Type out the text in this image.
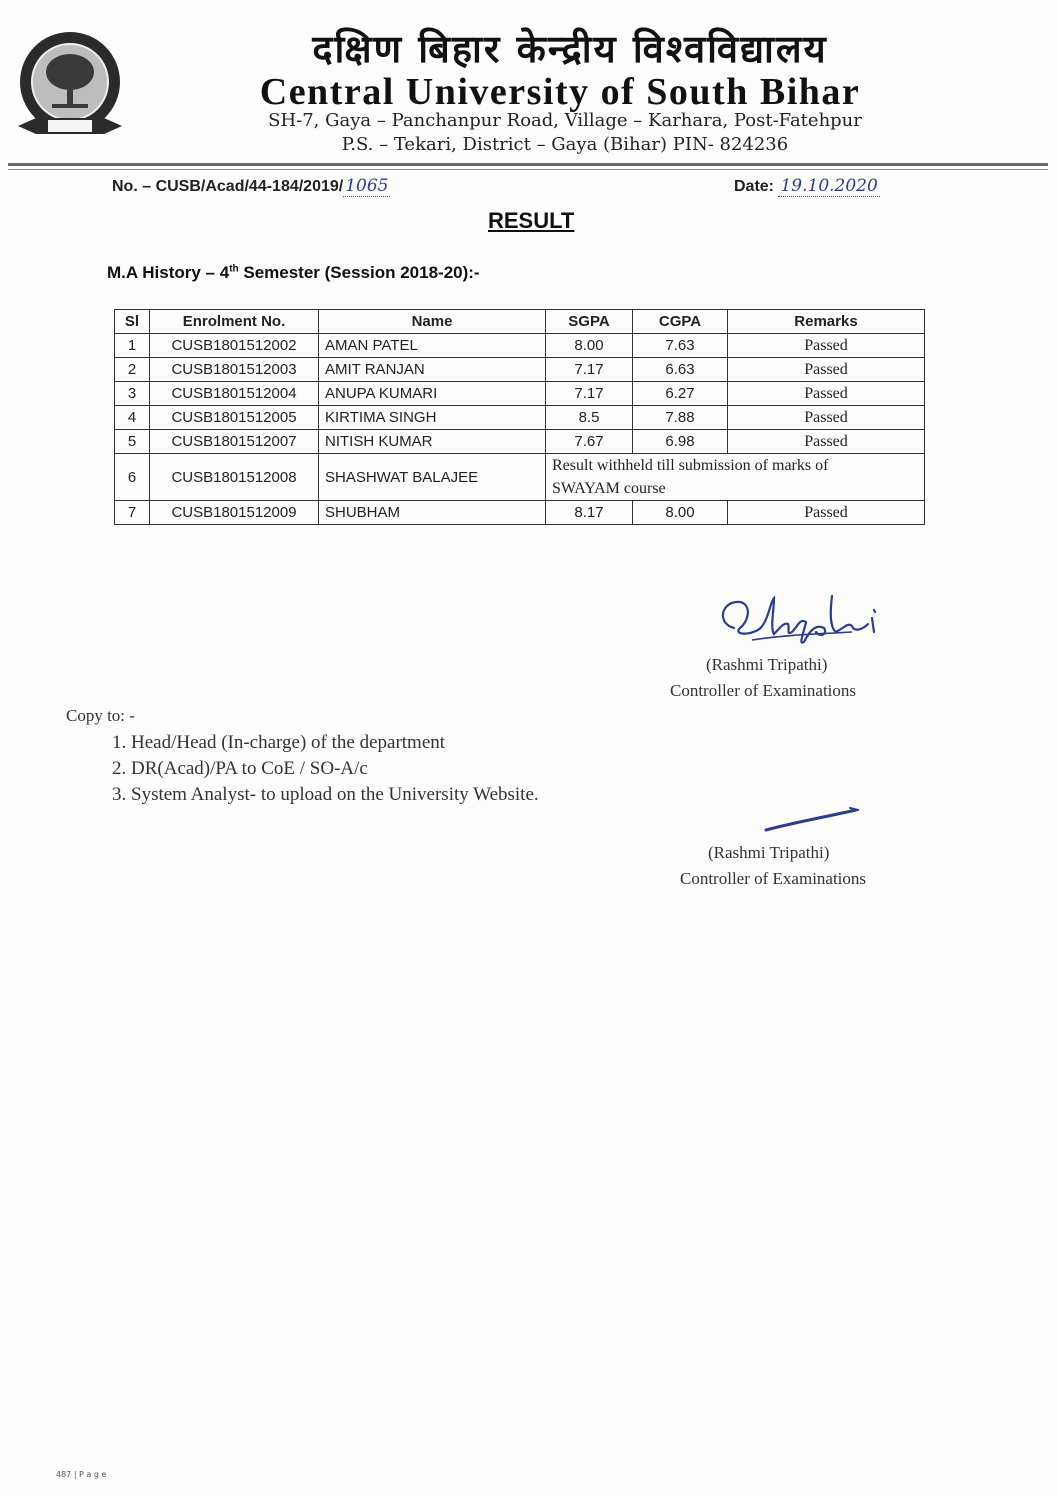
दक्षिण बिहार केन्द्रीय विश्वविद्यालय
Central University of South Bihar
SH-7, Gaya – Panchanpur Road, Village – Karhara, Post-Fatehpur
P.S. – Tekari, District – Gaya (Bihar) PIN- 824236
No. – CUSB/Acad/44-184/2019/ 1065	Date: 19.10.2020
RESULT
M.A History – 4th Semester (Session 2018-20):-
Sl	Enrolment No.	Name	SGPA	CGPA	Remarks
1	CUSB1801512002	AMAN PATEL	8.00	7.63	Passed
2	CUSB1801512003	AMIT RANJAN	7.17	6.63	Passed
3	CUSB1801512004	ANUPA KUMARI	7.17	6.27	Passed
4	CUSB1801512005	KIRTIMA SINGH	8.5	7.88	Passed
5	CUSB1801512007	NITISH KUMAR	7.67	6.98	Passed
6	CUSB1801512008	SHASHWAT BALAJEE	Result withheld till submission of marks of
SWAYAM course		

7	CUSB1801512009	SHUBHAM	8.17	8.00	Passed
(Rashmi Tripathi)
Controller of Examinations
Copy to: -
1. Head/Head (In-charge) of the department
2. DR(Acad)/PA to CoE / SO-A/c
3. System Analyst- to upload on the University Website.
(Rashmi Tripathi)
Controller of Examinations
487 | P a g e
